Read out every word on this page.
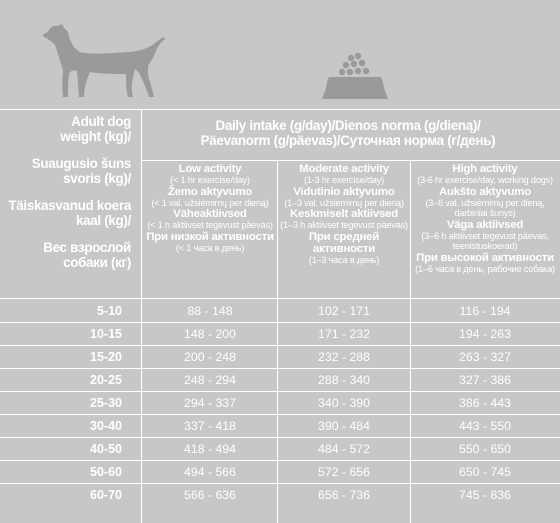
Adult dog
weight (kg)/
Suaugusio šuns
svoris (kg)/
Täiskasvanud koera
kaal (kg)/
Вес взрослой
собаки (кг)
Daily intake (g/day)/Dienos norma (g/dieną)/
Päevanorm (g/päevas)/Суточная норма (г/день)
Low activity
(< 1 hr exercise/day)
Žemo aktyvumo
(< 1 val. užsiėmimų per dieną)
Väheaktiivsed
(< 1 h aktiivset tegevust päevas)
При низкой активности
(< 1 часа в день)
Moderate activity
(1-3 hr exercise/day)
Vidutinio aktyvumo
(1–3 val. užsiėmimų per dieną)
Keskmiselt aktiivsed
(1–3 h aktiivset tegevust päevas)
При средней активности
(1–3 часа в день)
High activity
(3-6 hr exercise/day, working dogs)
Aukšto aktyvumo
(3–6 val. užsiėmimų per dieną, darbiniai šunys)
Väga aktiivsed
(3–6 h aktiivset tegevust päevas, teenistuskoerad)
При высокой активности
(1–6 часа в день, рабочие собака)
5-10	88 - 148	102 - 171	116 - 194
10-15	148 - 200	171 - 232	194 - 263
15-20	200 - 248	232 - 288	263 - 327
20-25	248 - 294	288 - 340	327 - 386
25-30	294 - 337	340 - 390	386 - 443
30-40	337 - 418	390 - 484	443 - 550
40-50	418 - 494	484 - 572	550 - 650
50-60	494 - 566	572 - 656	650 - 745
60-70	566 - 636	656 - 736	745 - 836
